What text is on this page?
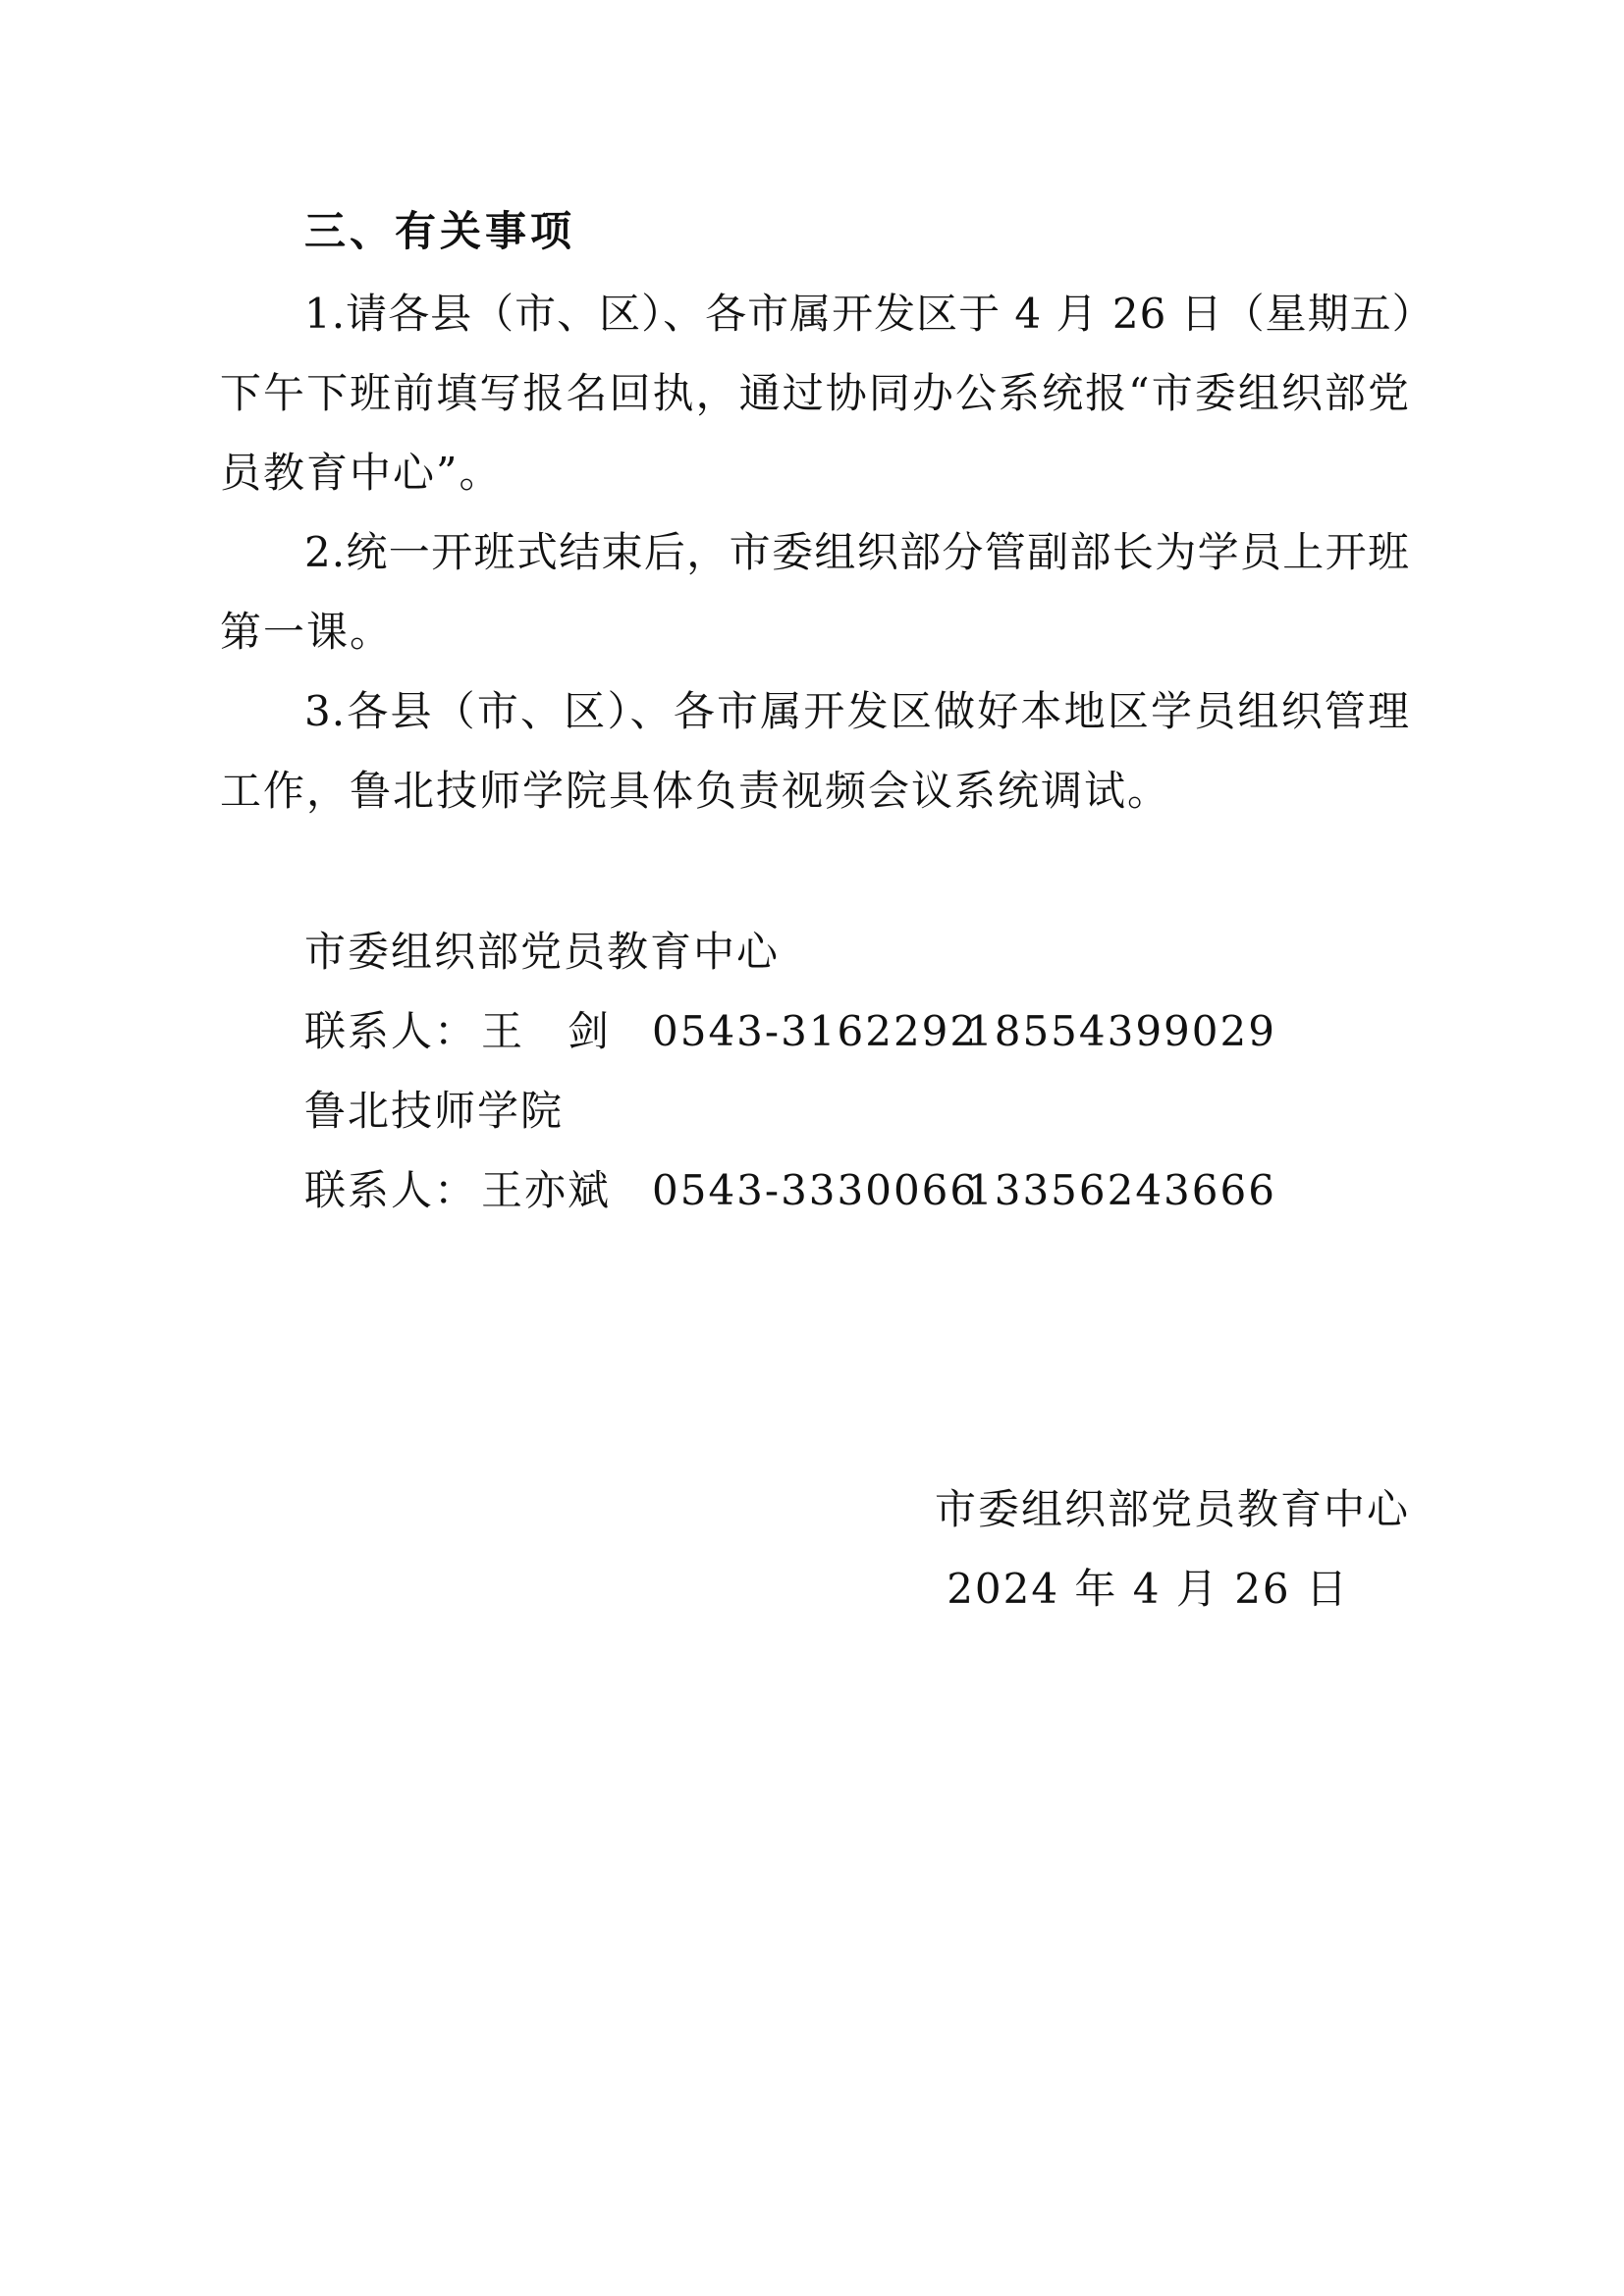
三、有关事项
1.请各县（市、区）、各市属开发区于 4 月 26 日（星期五）
下午下班前填写报名回执，通过协同办公系统报“市委组织部党
员教育中心”。
2.统一开班式结束后，市委组织部分管副部长为学员上开班
第一课。
3.各县（市、区）、各市属开发区做好本地区学员组织管理
工作，鲁北技师学院具体负责视频会议系统调试。
市委组织部党员教育中心
联系人：王　剑 0543-316229218554399029
鲁北技师学院
联系人：王亦斌 0543-333006613356243666
市委组织部党员教育中心
2024 年 4 月 26 日
